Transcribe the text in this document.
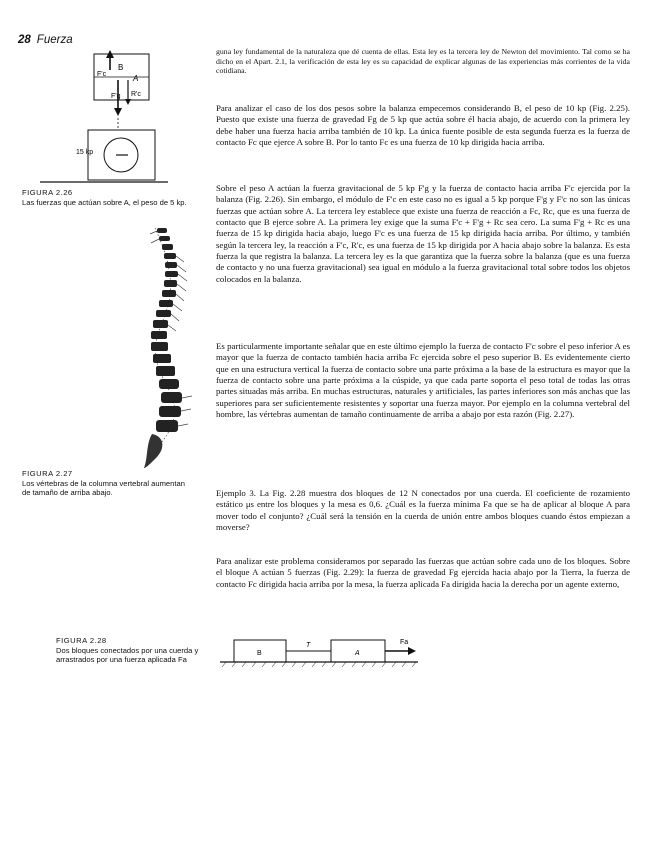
28 Fuerza
B
A
F'c
F'g R'c
15 kp
FIGURA 2.26
Las fuerzas que actúan sobre A, el peso de 5 kp.
FIGURA 2.27
Los vértebras de la columna vertebral aumentan de tamaño de arriba abajo.
FIGURA 2.28
Dos bloques conectados por una cuerda y arrastrados por una fuerza aplicada Fa

guna ley fundamental de la naturaleza que dé cuenta de ellas. Esta ley es la tercera ley de Newton del movimiento. Tal como se ha dicho en el Apart. 2.1, la verificación de esta ley es su capacidad de explicar algunas de las experiencias más corrientes de la vida cotidiana.

Para analizar el caso de los dos pesos sobre la balanza empecemos considerando B, el peso de 10 kp (Fig. 2.25). Puesto que existe una fuerza de gravedad Fg de 5 kp que actúa sobre él hacia abajo, de acuerdo con la primera ley debe haber una fuerza hacia arriba también de 10 kp. La única fuente posible de esta segunda fuerza es la fuerza de contacto Fc que ejerce A sobre B. Por lo tanto Fc es una fuerza de 10 kp dirigida hacia arriba.

Sobre el peso A actúan la fuerza gravitacional de 5 kp F'g y la fuerza de contacto hacia arriba F'c ejercida por la balanza (Fig. 2.26). Sin embargo, el módulo de F'c en este caso no es igual a 5 kp porque F'g y F'c no son las únicas fuerzas que actúan sobre A. La tercera ley establece que existe una fuerza de reacción a Fc, Rc, que es una fuerza de contacto que B ejerce sobre A. La primera ley exige que la suma F'c + F'g + Rc sea cero. La suma F'g + Rc es una fuerza de 15 kp dirigida hacia abajo, luego F'c es una fuerza de 15 kp dirigida hacia arriba. Por último, y también según la tercera ley, la reacción a F'c, R'c, es una fuerza de 15 kp dirigida por A hacia abajo sobre la balanza. Es esta fuerza la que registra la balanza. La tercera ley es la que garantiza que la fuerza sobre la balanza (que es una fuerza de contacto y no una fuerza gravitacional) sea igual en módulo a la fuerza gravitacional total sobre todos los objetos colocados en la balanza.

Es particularmente importante señalar que en este último ejemplo la fuerza de contacto F'c sobre el peso inferior A es mayor que la fuerza de contacto también hacia arriba Fc ejercida sobre el peso superior B. Es evidentemente cierto que en una estructura vertical la fuerza de contacto sobre una parte próxima a la base de la estructura es mayor que la fuerza de contacto sobre una parte próxima a la cúspide, ya que cada parte soporta el peso total de todas las otras partes situadas más arriba. En muchas estructuras, naturales y artificiales, las partes inferiores son más anchas que las superiores para ser suficientemente resistentes y soportar una fuerza mayor. Por ejemplo en la columna vertebral del hombre, las vértebras aumentan de tamaño continuamente de arriba a abajo por esta razón (Fig. 2.27).

Ejemplo 3. La Fig. 2.28 muestra dos bloques de 12 N conectados por una cuerda. El coeficiente de rozamiento estático μs entre los bloques y la mesa es 0,6. ¿Cuál es la fuerza mínima Fa que se ha de aplicar al bloque A para mover todo el conjunto? ¿Cuál será la tensión en la cuerda de unión entre ambos bloques cuando éstos empiezan a moverse?

Para analizar este problema consideramos por separado las fuerzas que actúan sobre cada uno de los bloques. Sobre el bloque A actúan 5 fuerzas (Fig. 2.29): la fuerza de gravedad Fg ejercida hacia abajo por la Tierra, la fuerza de contacto Fc dirigida hacia arriba por la mesa, la fuerza aplicada Fa dirigida hacia la derecha por un agente externo,

B
T
A
Fa
